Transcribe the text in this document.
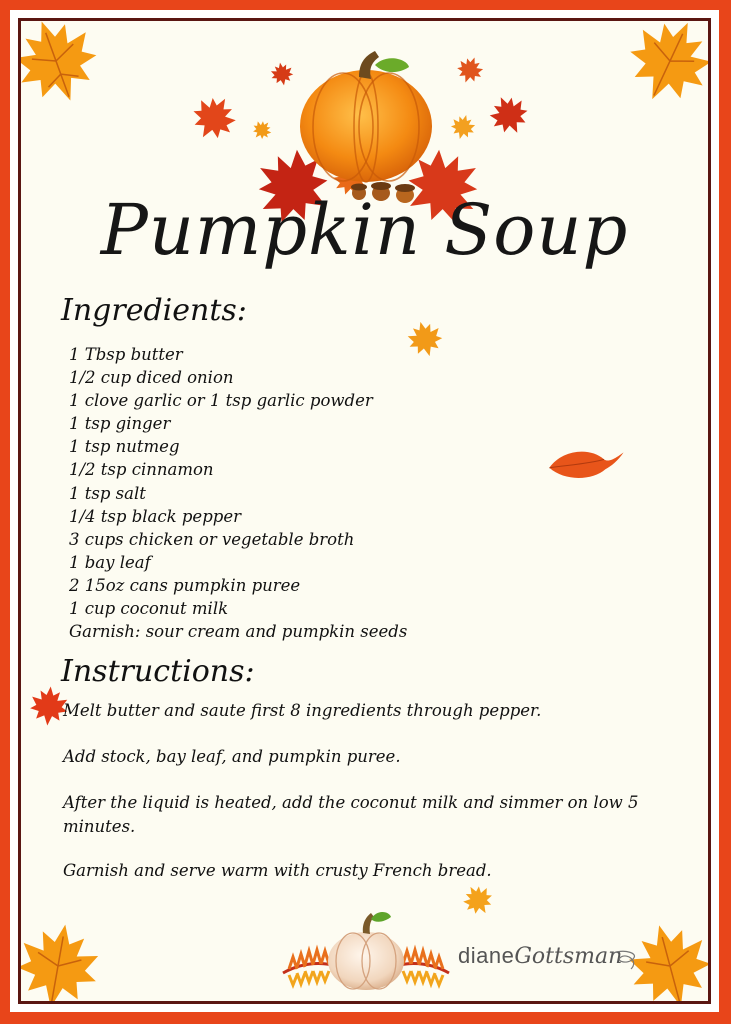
Pumpkin Soup
Ingredients:
1 Tbsp butter
1/2 cup diced onion
1 clove garlic or 1 tsp garlic powder
1 tsp ginger
1 tsp nutmeg
1/2 tsp cinnamon
1 tsp salt
1/4 tsp black pepper
3 cups chicken or vegetable broth
1 bay leaf
2 15oz cans pumpkin puree
1 cup coconut milk
Garnish: sour cream and pumpkin seeds
Instructions:

Melt butter and saute first 8 ingredients through pepper.

Add stock, bay leaf, and pumpkin puree.

After the liquid is heated, add the coconut milk and simmer on low 5 minutes.

Garnish and serve warm with crusty French bread.

dianeGottsman
